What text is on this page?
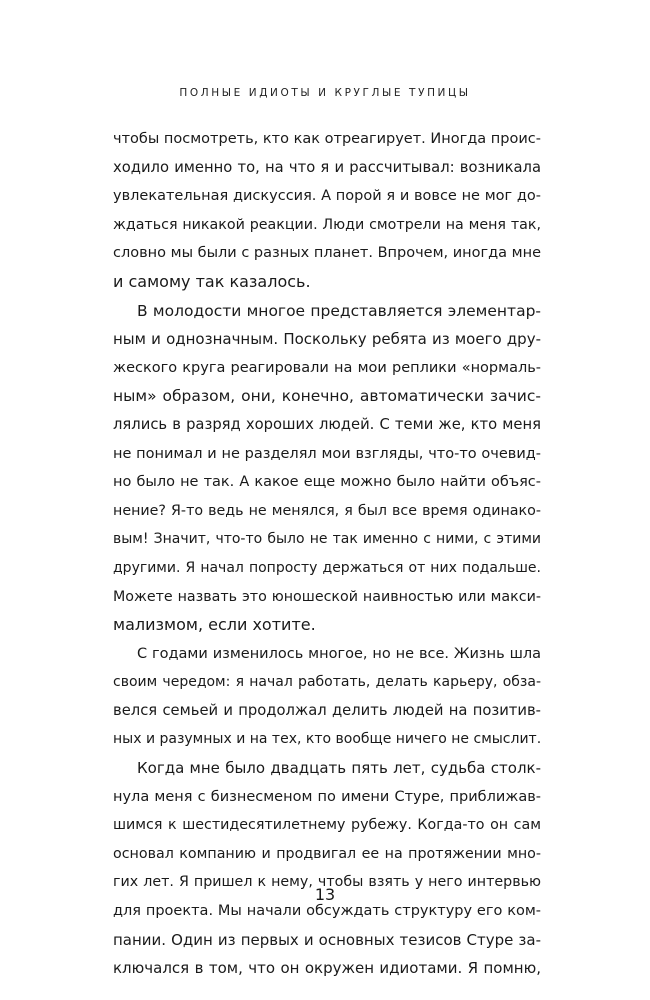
ПОЛНЫЕ ИДИОТЫ И КРУГЛЫЕ ТУПИЦЫ
чтобы посмотреть, кто как отреагирует. Иногда проис-
ходило именно то, на что я и рассчитывал: возникала
увлекательная дискуссия. А порой я и вовсе не мог до-
ждаться никакой реакции. Люди смотрели на меня так,
словно мы были с разных планет. Впрочем, иногда мне
и самому так казалось.
В молодости многое представляется элементар-
ным и однозначным. Поскольку ребята из моего дру-
жеского круга реагировали на мои реплики «нормаль-
ным» образом, они, конечно, автоматически зачис-
лялись в разряд хороших людей. С теми же, кто меня
не понимал и не разделял мои взгляды, что-то очевид-
но было не так. А какое еще можно было найти объяс-
нение? Я-то ведь не менялся, я был все время одинако-
вым! Значит, что-то было не так именно с ними, с этими
другими. Я начал попросту держаться от них подальше.
Можете назвать это юношеской наивностью или макси-
мализмом, если хотите.
С годами изменилось многое, но не все. Жизнь шла
своим чередом: я начал работать, делать карьеру, обза-
велся семьей и продолжал делить людей на позитив-
ных и разумных и на тех, кто вообще ничего не смыслит.
Когда мне было двадцать пять лет, судьба столк-
нула меня с бизнесменом по имени Стуре, приближав-
шимся к шестидесятилетнему рубежу. Когда-то он сам
основал компанию и продвигал ее на протяжении мно-
гих лет. Я пришел к нему, чтобы взять у него интервью
для проекта. Мы начали обсуждать структуру его ком-
пании. Один из первых и основных тезисов Стуре за-
ключался в том, что он окружен идиотами. Я помню,
13
